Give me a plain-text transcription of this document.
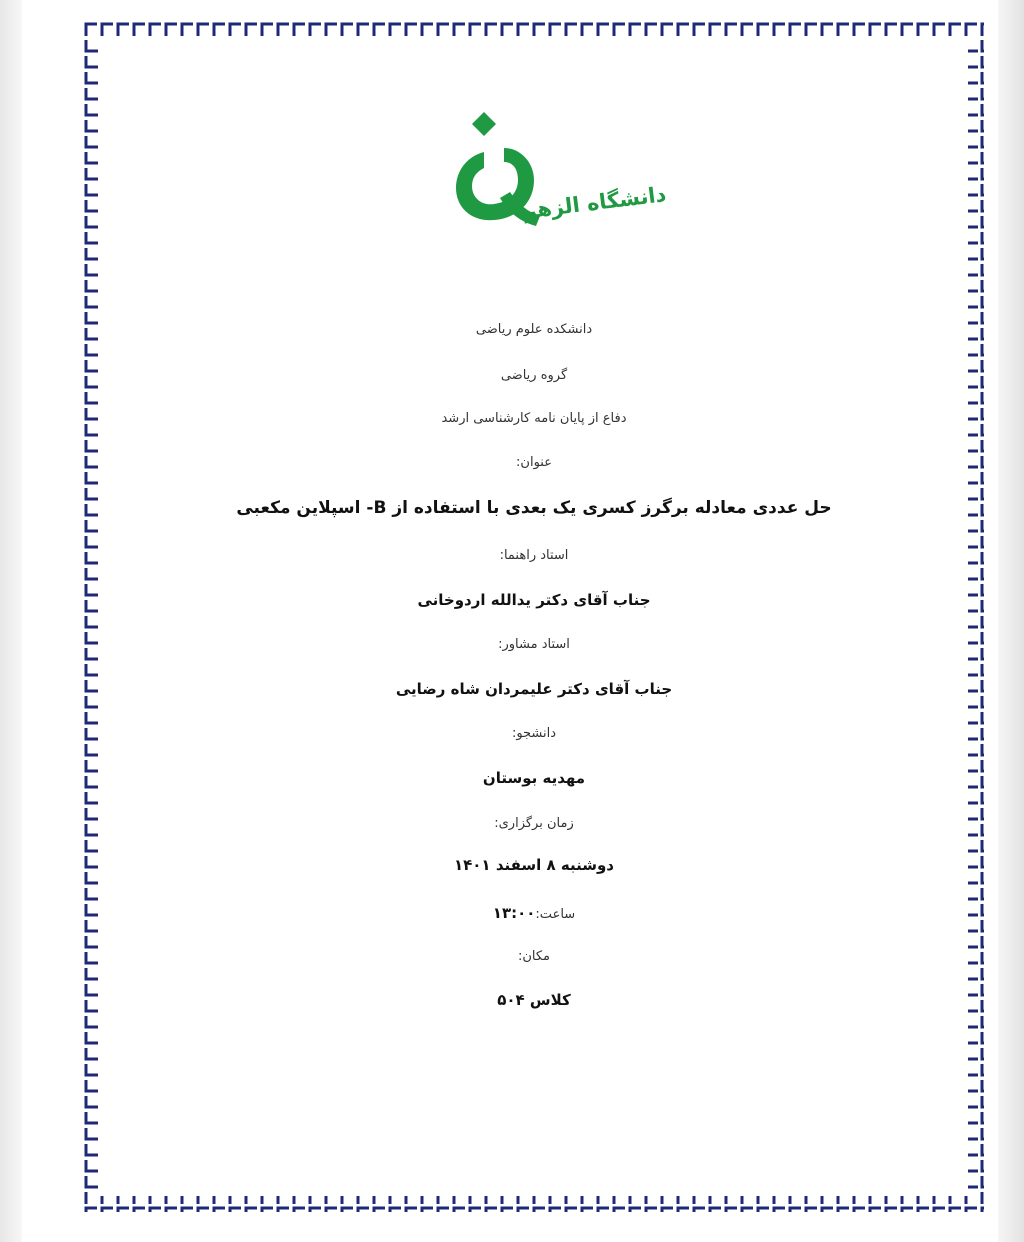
دانشگاه الزهرا
دانشکده علوم ریاضی
گروه ریاضی
دفاع از پایان نامه کارشناسی ارشد
عنوان:
حل عددی معادله برگرز کسری یک بعدی با استفاده از B- اسپلاین مکعبی
استاد راهنما:
جناب آقای دکتر یدالله اردوخانی
استاد مشاور:
جناب آقای دکتر علیمردان شاه رضایی
دانشجو:
مهدیه بوستان
زمان برگزاری:
دوشنبه ۸ اسفند ۱۴۰۱
ساعت:۱۳:۰۰
مکان:
کلاس ۵۰۴
